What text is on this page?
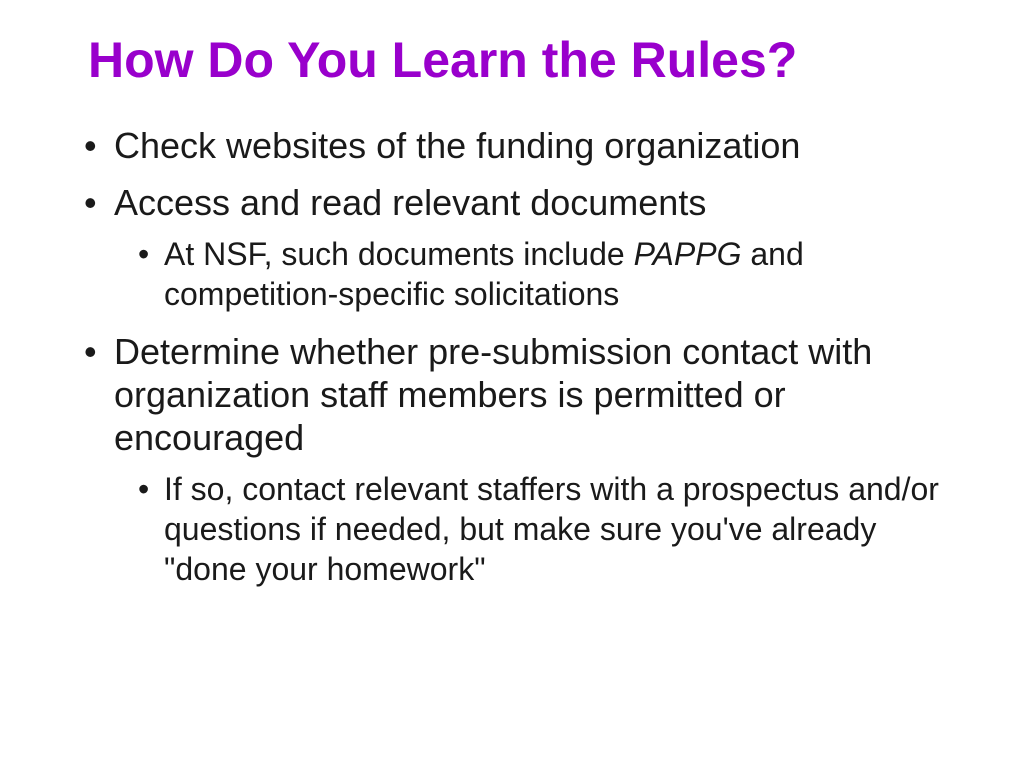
How Do You Learn the Rules?
• Check websites of the funding organization
• Access and read relevant documents
• At NSF, such documents include PAPPG and competition-specific solicitations
• Determine whether pre-submission contact with organization staff members is permitted or encouraged
• If so, contact relevant staffers with a prospectus and/or questions if needed, but make sure you've already "done your homework"
